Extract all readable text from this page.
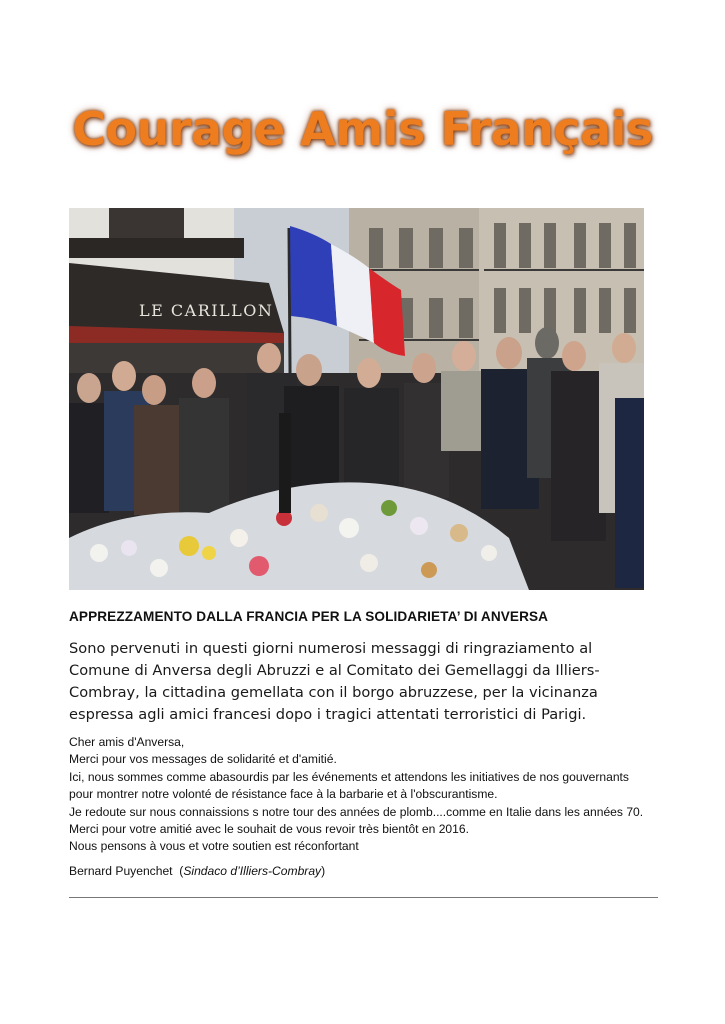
Courage Amis Français
LE CARILLON
APPREZZAMENTO DALLA FRANCIA PER LA SOLIDARIETA’ DI ANVERSA

Sono pervenuti in questi giorni numerosi messaggi di ringraziamento al

Comune di Anversa degli Abruzzi e al Comitato dei Gemellaggi da Illiers-

Combray, la cittadina gemellata con il borgo abruzzese, per la vicinanza

espressa agli amici francesi dopo i tragici attentati terroristici di Parigi.

Cher amis d'Anversa,

Merci pour vos messages de solidarité et d'amitié.

Ici, nous sommes comme abasourdis par les événements et attendons les initiatives de nos gouvernants

pour montrer notre volonté de résistance face à la barbarie et à l'obscurantisme.

Je redoute sur nous connaissions s notre tour des années de plomb....comme en Italie dans les années 70.

Merci pour votre amitié avec le souhait de vous revoir très bientôt en 2016.

Nous pensons à vous et votre soutien est réconfortant

Bernard Puyenchet (Sindaco d’Illiers-Combray)
